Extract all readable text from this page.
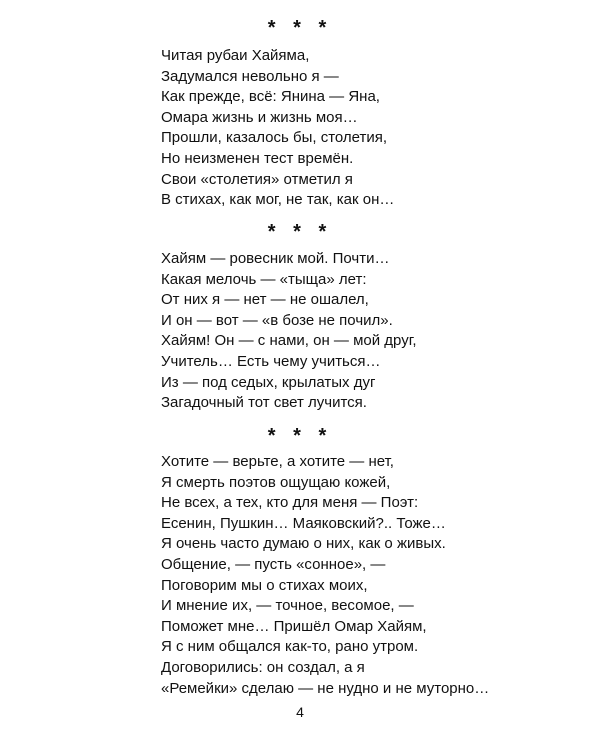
* * *
Читая рубаи Хайяма,
Задумался невольно я —
Как прежде, всё: Янина — Яна,
Омара жизнь и жизнь моя…
Прошли, казалось бы, столетия,
Но неизменен тест времён.
Свои «столетия» отметил я
В стихах, как мог, не так, как он…
* * *
Хайям — ровесник мой. Почти…
Какая мелочь — «тыща» лет:
От них я — нет — не ошалел,
И он — вот — «в бозе не почил».
Хайям! Он — с нами, он — мой друг,
Учитель… Есть чему учиться…
Из — под седых, крылатых дуг
Загадочный тот свет лучится.
* * *
Хотите — верьте, а хотите — нет,
Я смерть поэтов ощущаю кожей,
Не всех, а тех, кто для меня — Поэт:
Есенин, Пушкин… Маяковский?.. Тоже…
Я очень часто думаю о них, как о живых.
Общение, — пусть «сонное», —
Поговорим мы о стихах моих,
И мнение их, — точное, весомое, —
Поможет мне… Пришёл Омар Хайям,
Я с ним общался как-то, рано утром.
Договорились: он создал, а я
«Ремейки» сделаю — не нудно и не муторно…
4
